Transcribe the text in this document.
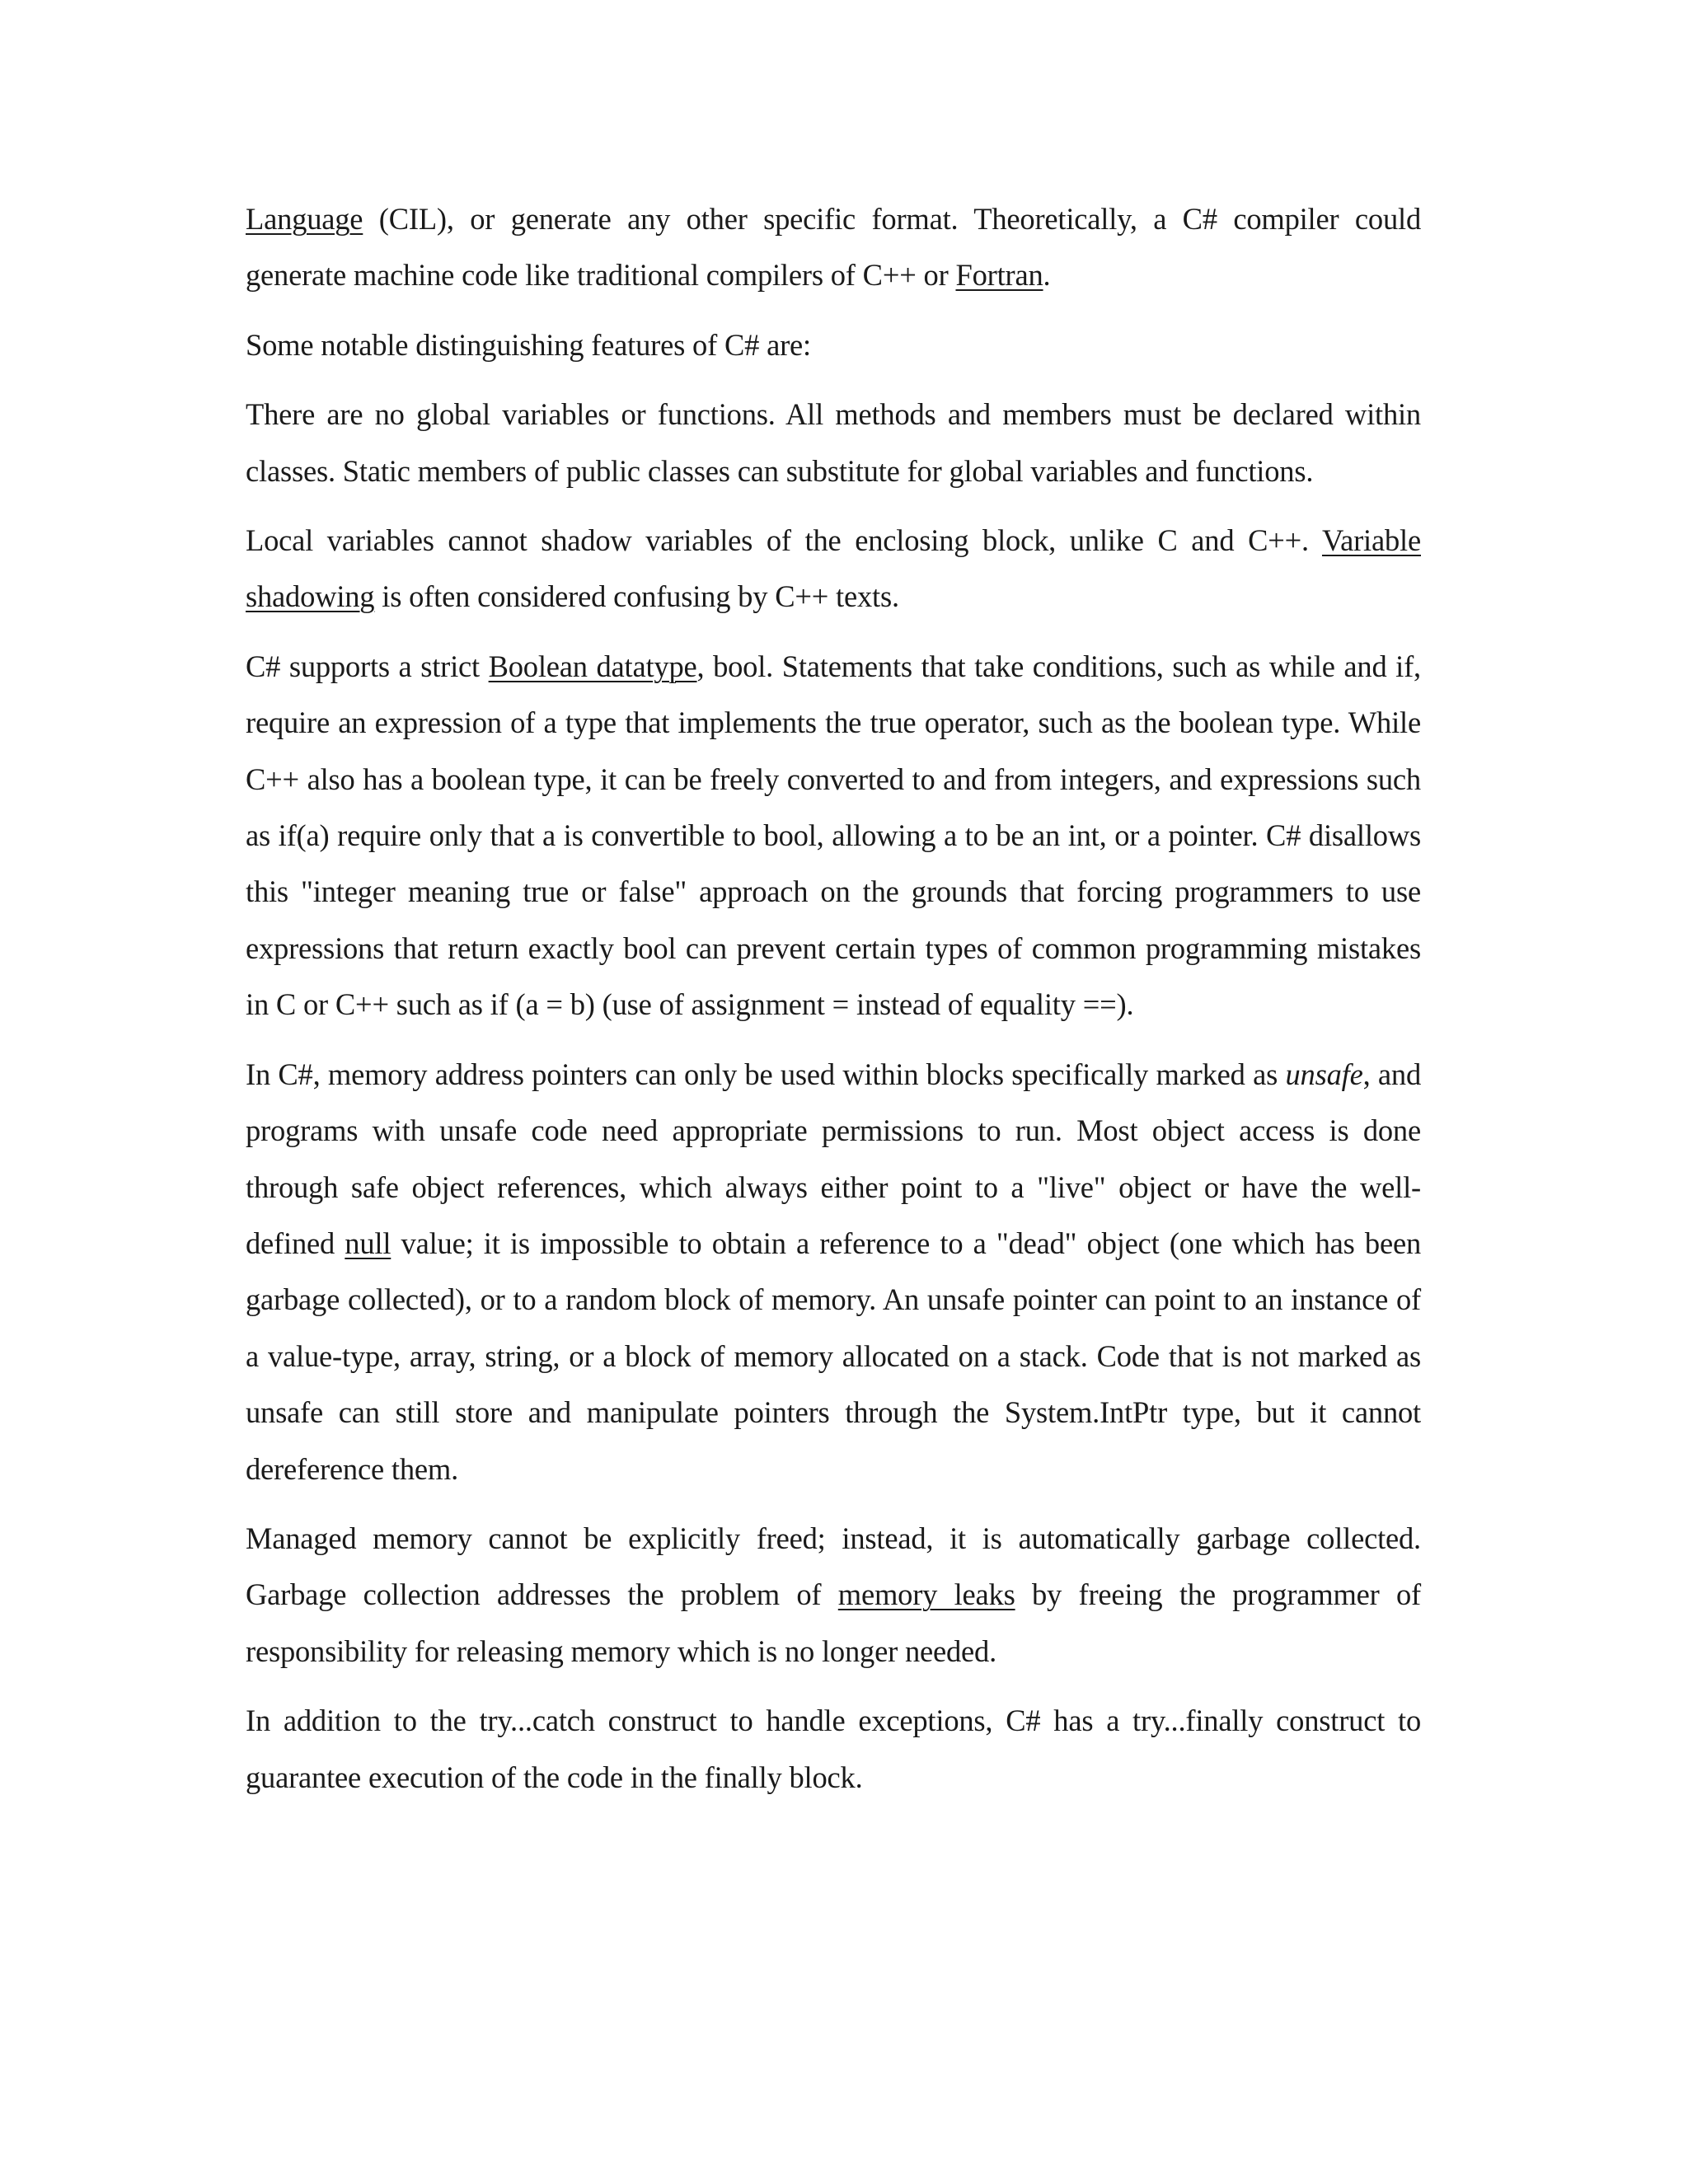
Language (CIL), or generate any other specific format. Theoretically, a C# compiler could generate machine code like traditional compilers of C++ or Fortran.

Some notable distinguishing features of C# are:

There are no global variables or functions. All methods and members must be declared within classes. Static members of public classes can substitute for global variables and functions.

Local variables cannot shadow variables of the enclosing block, unlike C and C++. Variable shadowing is often considered confusing by C++ texts.

C# supports a strict Boolean datatype, bool. Statements that take conditions, such as while and if, require an expression of a type that implements the true operator, such as the boolean type. While C++ also has a boolean type, it can be freely converted to and from integers, and expressions such as if(a) require only that a is convertible to bool, allowing a to be an int, or a pointer. C# disallows this "integer meaning true or false" approach on the grounds that forcing programmers to use expressions that return exactly bool can prevent certain types of common programming mistakes in C or C++ such as if (a = b) (use of assignment = instead of equality ==).

In C#, memory address pointers can only be used within blocks specifically marked as unsafe, and programs with unsafe code need appropriate permissions to run. Most object access is done through safe object references, which always either point to a "live" object or have the well-defined null value; it is impossible to obtain a reference to a "dead" object (one which has been garbage collected), or to a random block of memory. An unsafe pointer can point to an instance of a value-type, array, string, or a block of memory allocated on a stack. Code that is not marked as unsafe can still store and manipulate pointers through the System.IntPtr type, but it cannot dereference them.

Managed memory cannot be explicitly freed; instead, it is automatically garbage collected. Garbage collection addresses the problem of memory leaks by freeing the programmer of responsibility for releasing memory which is no longer needed.

In addition to the try...catch construct to handle exceptions, C# has a try...finally construct to guarantee execution of the code in the finally block.
